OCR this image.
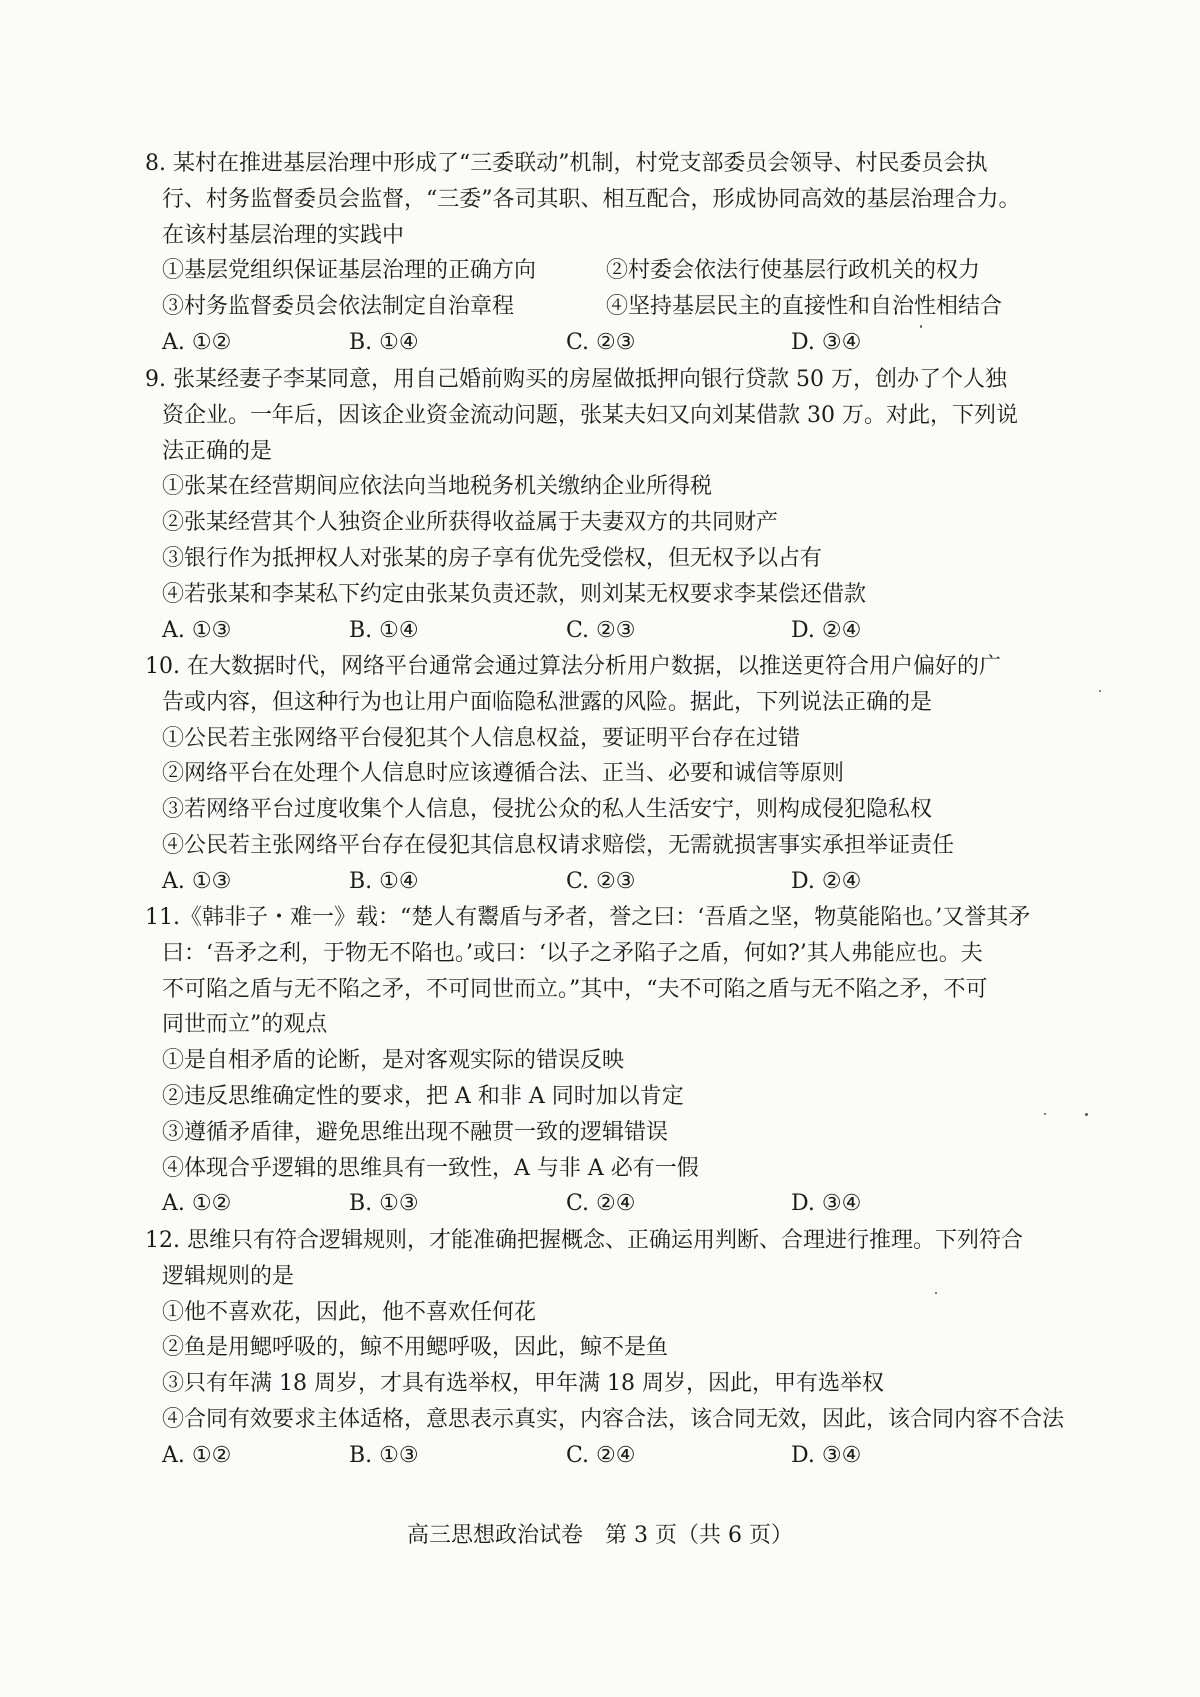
8. 某村在推进基层治理中形成了“三委联动”机制，村党支部委员会领导、村民委员会执
行、村务监督委员会监督，“三委”各司其职、相互配合，形成协同高效的基层治理合力。
在该村基层治理的实践中
①基层党组织保证基层治理的正确方向	②村委会依法行使基层行政机关的权力
③村务监督委员会依法制定自治章程	④坚持基层民主的直接性和自治性相结合
A. ①②	B. ①④	C. ②③	D. ③④
9. 张某经妻子李某同意，用自己婚前购买的房屋做抵押向银行贷款 50 万，创办了个人独
资企业。一年后，因该企业资金流动问题，张某夫妇又向刘某借款 30 万。对此，下列说
法正确的是
①张某在经营期间应依法向当地税务机关缴纳企业所得税
②张某经营其个人独资企业所获得收益属于夫妻双方的共同财产
③银行作为抵押权人对张某的房子享有优先受偿权，但无权予以占有
④若张某和李某私下约定由张某负责还款，则刘某无权要求李某偿还借款
A. ①③	B. ①④	C. ②③	D. ②④
10. 在大数据时代，网络平台通常会通过算法分析用户数据，以推送更符合用户偏好的广
告或内容，但这种行为也让用户面临隐私泄露的风险。据此，下列说法正确的是
①公民若主张网络平台侵犯其个人信息权益，要证明平台存在过错
②网络平台在处理个人信息时应该遵循合法、正当、必要和诚信等原则
③若网络平台过度收集个人信息，侵扰公众的私人生活安宁，则构成侵犯隐私权
④公民若主张网络平台存在侵犯其信息权请求赔偿，无需就损害事实承担举证责任
A. ①③	B. ①④	C. ②③	D. ②④
11.《韩非子・难一》载：“楚人有鬻盾与矛者，誉之曰：‘吾盾之坚，物莫能陷也。’又誉其矛
曰：‘吾矛之利，于物无不陷也。’或曰：‘以子之矛陷子之盾，何如?’其人弗能应也。夫
不可陷之盾与无不陷之矛，不可同世而立。”其中，“夫不可陷之盾与无不陷之矛，不可
同世而立”的观点
①是自相矛盾的论断，是对客观实际的错误反映
②违反思维确定性的要求，把 A 和非 A 同时加以肯定
③遵循矛盾律，避免思维出现不融贯一致的逻辑错误
④体现合乎逻辑的思维具有一致性，A 与非 A 必有一假
A. ①②	B. ①③	C. ②④	D. ③④
12. 思维只有符合逻辑规则，才能准确把握概念、正确运用判断、合理进行推理。下列符合
逻辑规则的是
①他不喜欢花，因此，他不喜欢任何花
②鱼是用鳃呼吸的，鲸不用鳃呼吸，因此，鲸不是鱼
③只有年满 18 周岁，才具有选举权，甲年满 18 周岁，因此，甲有选举权
④合同有效要求主体适格，意思表示真实，内容合法，该合同无效，因此，该合同内容不合法
A. ①②	B. ①③	C. ②④	D. ③④
高三思想政治试卷　第 3 页（共 6 页）
